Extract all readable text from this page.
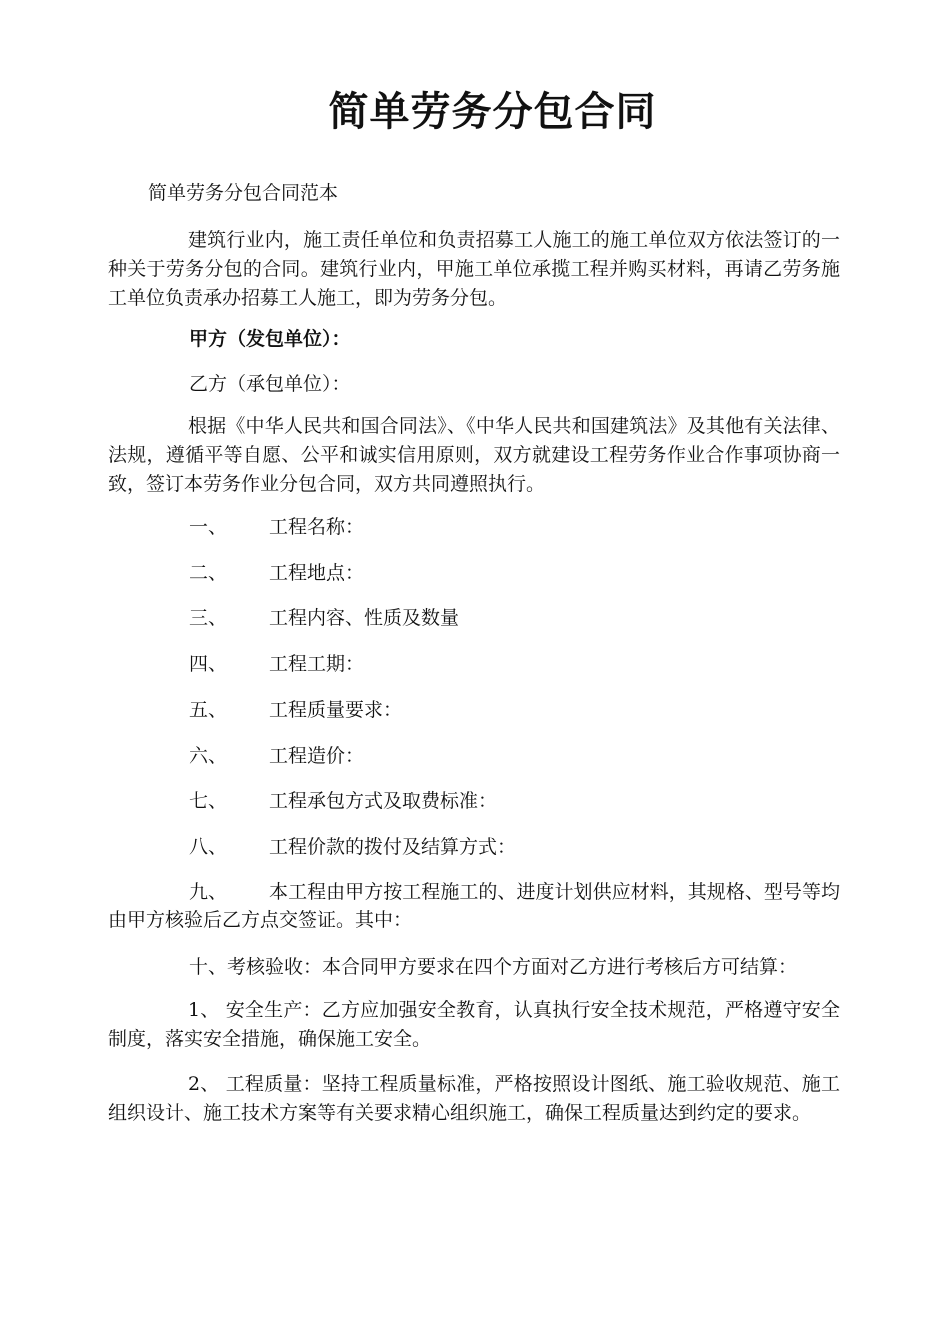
简单劳务分包合同
简单劳务分包合同范本
建筑行业内，施工责任单位和负责招募工人施工的施工单位双方依法签订的一种关于劳务分包的合同。建筑行业内，甲施工单位承揽工程并购买材料，再请乙劳务施工单位负责承办招募工人施工，即为劳务分包。
甲方（发包单位）：
乙方（承包单位）：
根据《中华人民共和国合同法》、《中华人民共和国建筑法》及其他有关法律、法规，遵循平等自愿、公平和诚实信用原则，双方就建设工程劳务作业合作事项协商一致，签订本劳务作业分包合同，双方共同遵照执行。
一、 工程名称：
二、 工程地点：
三、 工程内容、性质及数量
四、 工程工期：
五、 工程质量要求：
六、 工程造价：
七、 工程承包方式及取费标准：
八、 工程价款的拨付及结算方式：
九、 本工程由甲方按工程施工的、进度计划供应材料，其规格、型号等均 由甲方核验后乙方点交签证。其中：
十、考核验收：本合同甲方要求在四个方面对乙方进行考核后方可结算：
1、 安全生产：乙方应加强安全教育，认真执行安全技术规范，严格遵守安全制度，落实安全措施，确保施工安全。
2、 工程质量：坚持工程质量标准，严格按照设计图纸、施工验收规范、施工组织设计、施工技术方案等有关要求精心组织施工，确保工程质量达到约定的要求。
